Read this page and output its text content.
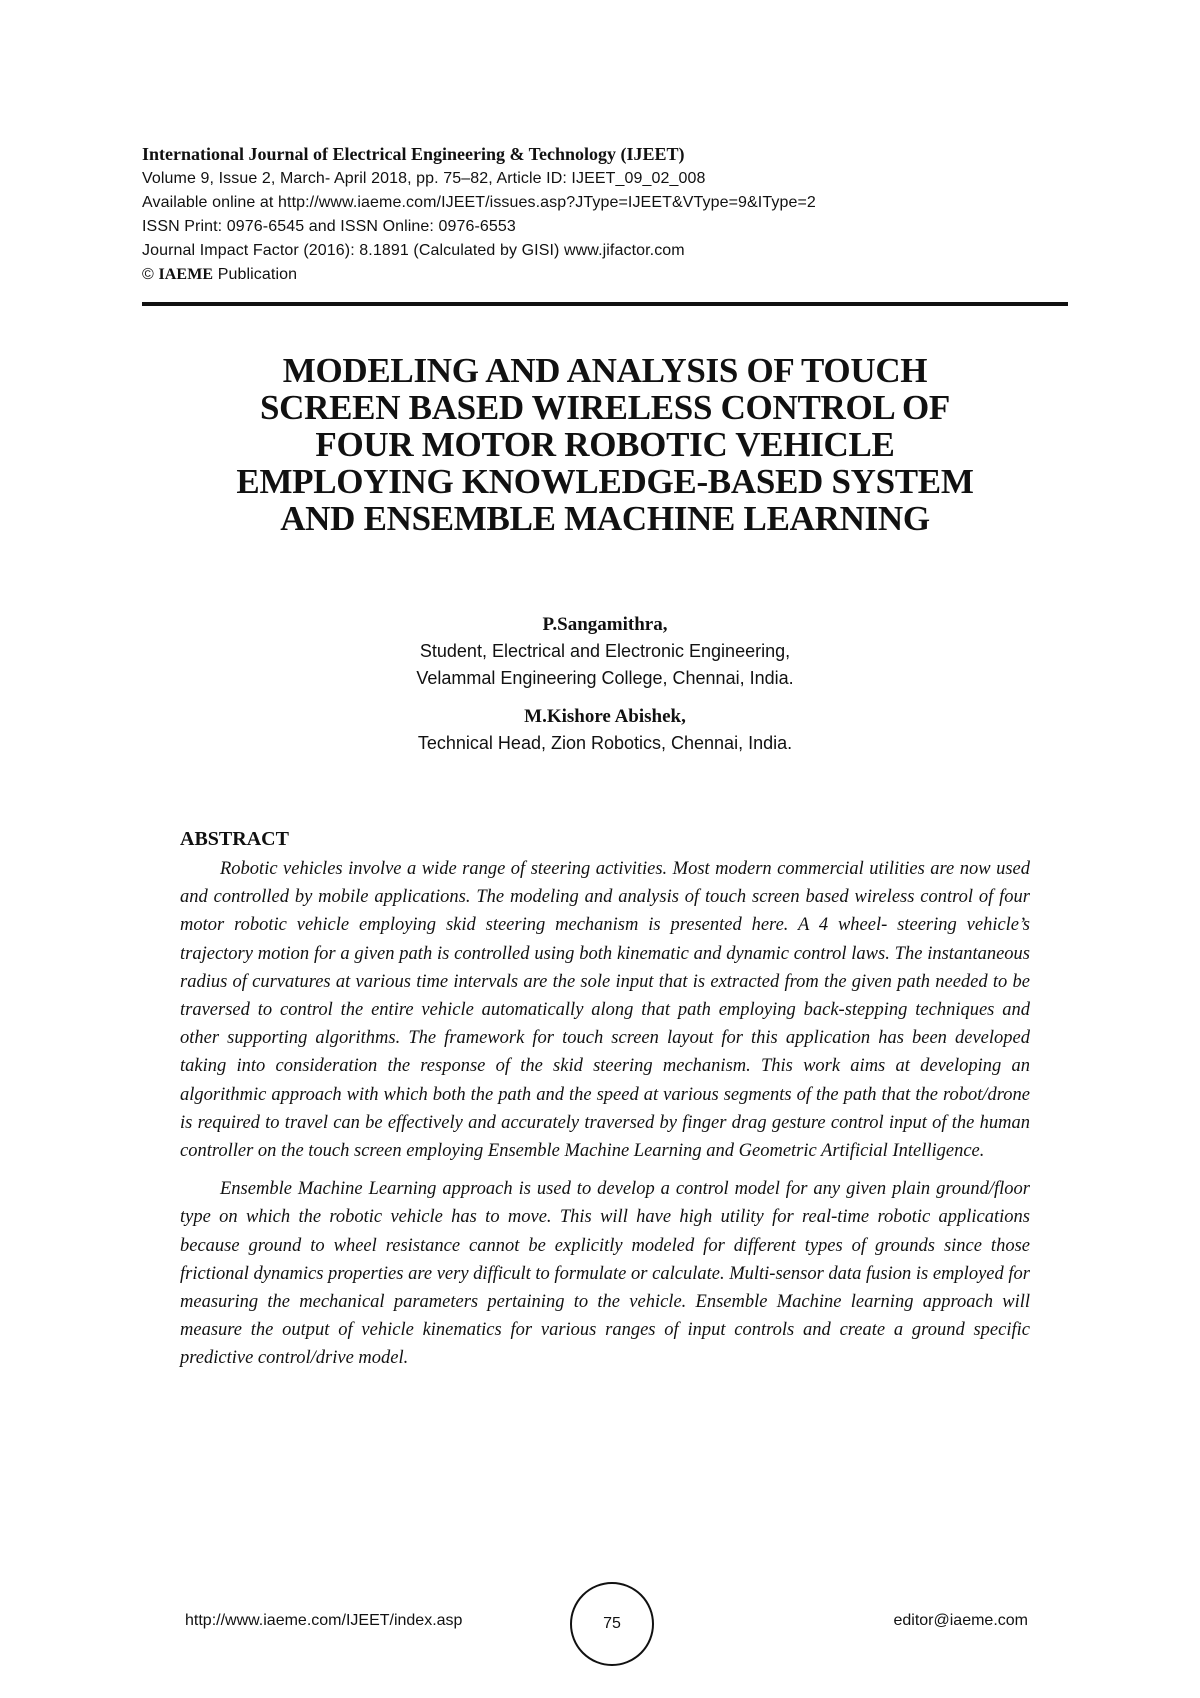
International Journal of Electrical Engineering & Technology (IJEET)
Volume 9, Issue 2, March- April 2018, pp. 75–82, Article ID: IJEET_09_02_008
Available online at http://www.iaeme.com/IJEET/issues.asp?JType=IJEET&VType=9&IType=2
ISSN Print: 0976-6545 and ISSN Online: 0976-6553
Journal Impact Factor (2016): 8.1891 (Calculated by GISI) www.jifactor.com
© IAEME Publication
MODELING AND ANALYSIS OF TOUCH
SCREEN BASED WIRELESS CONTROL OF
FOUR MOTOR ROBOTIC VEHICLE
EMPLOYING KNOWLEDGE-BASED SYSTEM
AND ENSEMBLE MACHINE LEARNING
P.Sangamithra,
Student, Electrical and Electronic Engineering,
Velammal Engineering College, Chennai, India.
M.Kishore Abishek,
Technical Head, Zion Robotics, Chennai, India.
ABSTRACT

Robotic vehicles involve a wide range of steering activities. Most modern commercial utilities are now used and controlled by mobile applications. The modeling and analysis of touch screen based wireless control of four motor robotic vehicle employing skid steering mechanism is presented here. A 4 wheel- steering vehicle’s trajectory motion for a given path is controlled using both kinematic and dynamic control laws. The instantaneous radius of curvatures at various time intervals are the sole input that is extracted from the given path needed to be traversed to control the entire vehicle automatically along that path employing back-stepping techniques and other supporting algorithms. The framework for touch screen layout for this application has been developed taking into consideration the response of the skid steering mechanism. This work aims at developing an algorithmic approach with which both the path and the speed at various segments of the path that the robot/drone is required to travel can be effectively and accurately traversed by finger drag gesture control input of the human controller on the touch screen employing Ensemble Machine Learning and Geometric Artificial Intelligence.

Ensemble Machine Learning approach is used to develop a control model for any given plain ground/floor type on which the robotic vehicle has to move. This will have high utility for real-time robotic applications because ground to wheel resistance cannot be explicitly modeled for different types of grounds since those frictional dynamics properties are very difficult to formulate or calculate. Multi-sensor data fusion is employed for measuring the mechanical parameters pertaining to the vehicle. Ensemble Machine learning approach will measure the output of vehicle kinematics for various ranges of input controls and create a ground specific predictive control/drive model.

http://www.iaeme.com/IJEET/index.asp	75	editor@iaeme.com
